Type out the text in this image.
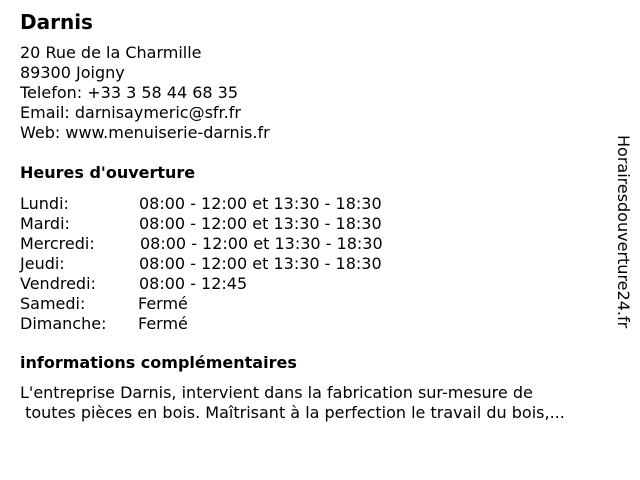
Darnis
20 Rue de la Charmille
89300 Joigny
Telefon: +33 3 58 44 68 35
Email: darnisaymeric@sfr.fr
Web: www.menuiserie-darnis.fr
Heures d'ouverture
Lundi:	08:00 - 12:00 et 13:30 - 18:30
Mardi:	08:00 - 12:00 et 13:30 - 18:30
Mercredi:	08:00 - 12:00 et 13:30 - 18:30
Jeudi:	08:00 - 12:00 et 13:30 - 18:30
Vendredi:	08:00 - 12:45
Samedi:	Fermé
Dimanche: Fermé
informations complémentaires
L'entreprise Darnis, intervient dans la fabrication sur-mesure de
toutes pièces en bois. Maîtrisant à la perfection le travail du bois,...
Horairesdouverture24.fr
